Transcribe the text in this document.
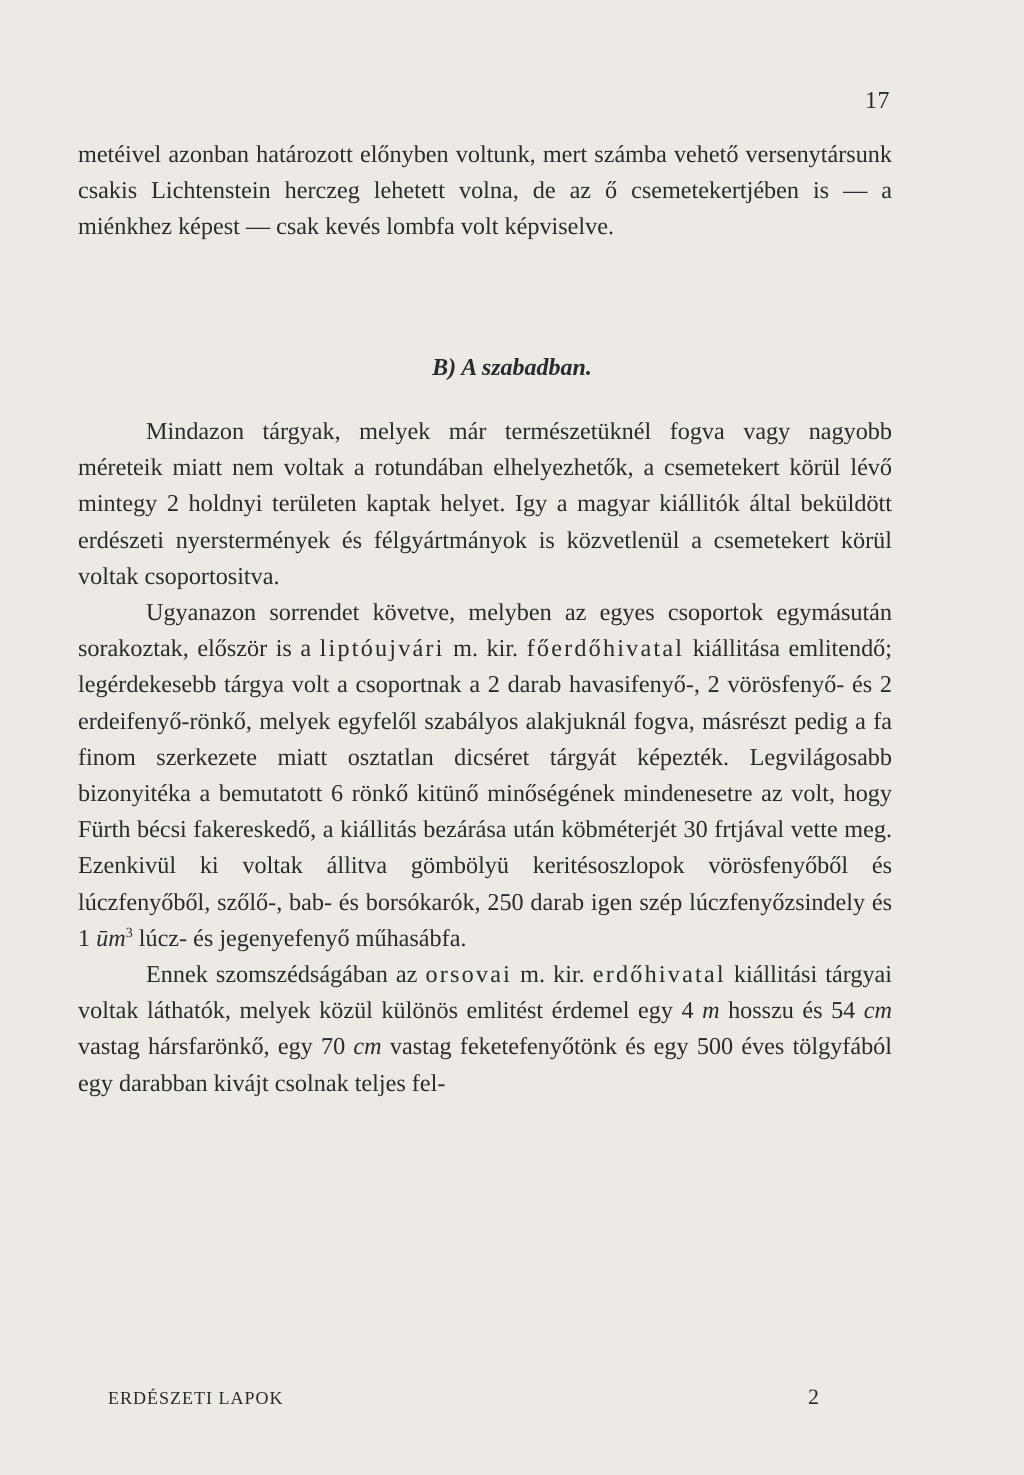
17

metéivel azonban határozott előnyben voltunk, mert számba vehető versenytársunk csakis Lichtenstein herczeg lehetett volna, de az ő csemetekertjében is — a miénkhez képest — csak kevés lombfa volt képviselve.

B) A szabadban.

Mindazon tárgyak, melyek már természetüknél fogva vagy nagyobb méreteik miatt nem voltak a rotundában elhelyezhetők, a csemetekert körül lévő mintegy 2 holdnyi területen kaptak helyet. Igy a magyar kiállitók által beküldött erdészeti nyerstermények és félgyártmányok is közvetlenül a csemetekert körül voltak csoportositva.

Ugyanazon sorrendet követve, melyben az egyes csoportok egymásután sorakoztak, először is a liptóujvári m. kir. főerdőhivatal kiállitása emlitendő; legérdekesebb tárgya volt a csoportnak a 2 darab havasifenyő-, 2 vörösfenyő- és 2 erdeifenyő-rönkő, melyek egyfelől szabályos alakjuknál fogva, másrészt pedig a fa finom szerkezete miatt osztatlan dicséret tárgyát képezték. Legvilágosabb bizonyitéka a bemutatott 6 rönkő kitünő minőségének mindenesetre az volt, hogy Fürth bécsi fakereskedő, a kiállitás bezárása után köbméterjét 30 frtjával vette meg. Ezenkivül ki voltak állitva gömbölyü keritésoszlopok vörösfenyőből és lúczfenyőből, szőlő-, bab- és borsókarók, 250 darab igen szép lúczfenyőzsindely és 1 $ūm^3$ lúcz- és jegenyefenyő műhasábfa.

Ennek szomszédságában az orsovai m. kir. erdőhivatal kiállitási tárgyai voltak láthatók, melyek közül különös emlitést érdemel egy 4 m hosszu és 54 cm vastag hársfarönkő, egy 70 cm vastag feketefenyőtönk és egy 500 éves tölgyfából egy darabban kivájt csolnak teljes fel-

ERDÉSZETI LAPOK	2
